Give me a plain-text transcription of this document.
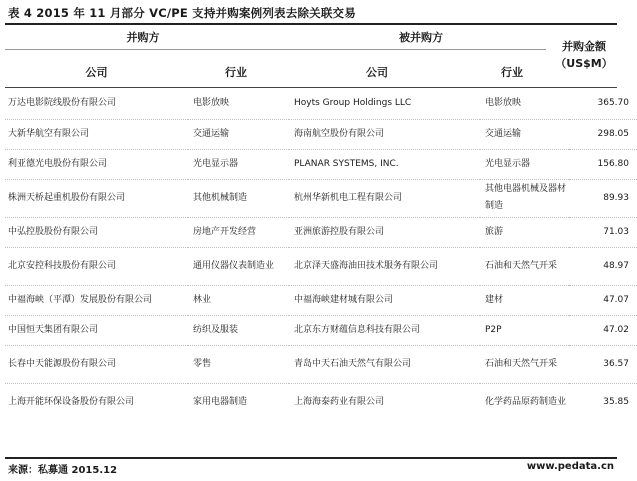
表 4 2015 年 11 月部分 VC/PE 支持并购案例列表去除关联交易
并购方	被并购方
并购金额
（US$M）
公司	行业	公司	行业
万达电影院线股份有限公司	电影放映	Hoyts Group Holdings LLC	电影放映	365.70

大新华航空有限公司	交通运输	海南航空股份有限公司	交通运输	298.05

利亚德光电股份有限公司	光电显示器	PLANAR SYSTEMS, INC.	光电显示器	156.80

株洲天桥起重机股份有限公司	其他机械制造	杭州华新机电工程有限公司	其他电器机械及器材制造	89.93

中弘控股股份有限公司	房地产开发经营	亚洲旅游控股有限公司	旅游	71.03

北京安控科技股份有限公司	通用仪器仪表制造业	北京泽天盛海油田技术服务有限公司	石油和天然气开采	48.97

中福海峡（平潭）发展股份有限公司	林业	中福海峡建材城有限公司	建材	47.07

中国恒天集团有限公司	纺织及服装	北京东方财蕴信息科技有限公司	P2P	47.02

长春中天能源股份有限公司	零售	青岛中天石油天然气有限公司	石油和天然气开采	36.57

上海开能环保设备股份有限公司	家用电器制造	上海海泰药业有限公司	化学药品原药制造业	35.85
来源：私募通 2015.12	www.pedata.cn
